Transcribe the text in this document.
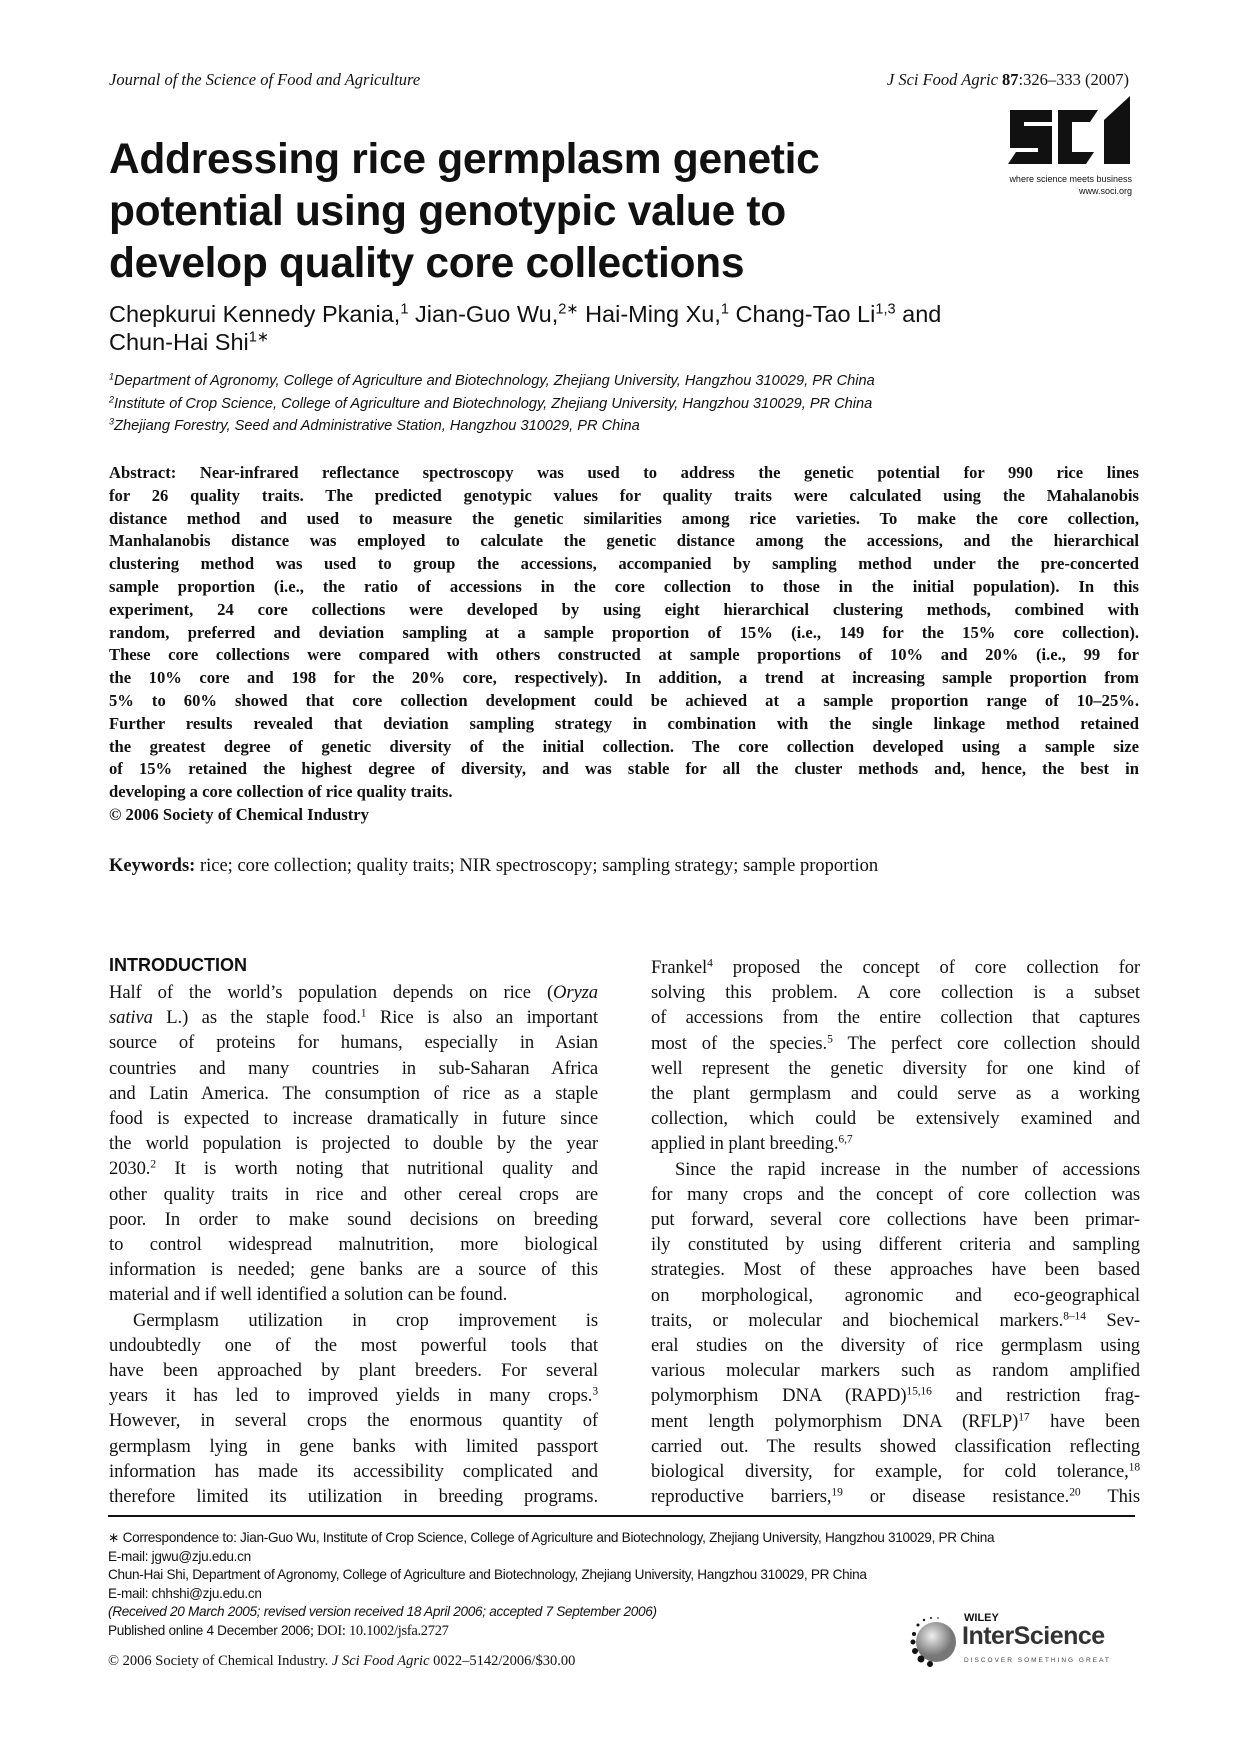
Journal of the Science of Food and Agriculture	J Sci Food Agric 87:326–333 (2007)
where science meets business
www.soci.org
Addressing rice germplasm genetic
potential using genotypic value to
develop quality core collections
Chepkurui Kennedy Pkania,$^1$ Jian-Guo Wu,$^{2∗}$ Hai-Ming Xu,$^1$ Chang-Tao Li$^{1,3}$ and
Chun-Hai Shi$^{1∗}$
$^1$Department of Agronomy, College of Agriculture and Biotechnology, Zhejiang University, Hangzhou 310029, PR China
$^2$Institute of Crop Science, College of Agriculture and Biotechnology, Zhejiang University, Hangzhou 310029, PR China
$^3$Zhejiang Forestry, Seed and Administrative Station, Hangzhou 310029, PR China
Abstract: Near-infrared reflectance spectroscopy was used to address the genetic potential for 990 rice lines
for 26 quality traits. The predicted genotypic values for quality traits were calculated using the Mahalanobis
distance method and used to measure the genetic similarities among rice varieties. To make the core collection,
Manhalanobis distance was employed to calculate the genetic distance among the accessions, and the hierarchical
clustering method was used to group the accessions, accompanied by sampling method under the pre-concerted
sample proportion (i.e., the ratio of accessions in the core collection to those in the initial population). In this
experiment, 24 core collections were developed by using eight hierarchical clustering methods, combined with
random, preferred and deviation sampling at a sample proportion of 15% (i.e., 149 for the 15% core collection).
These core collections were compared with others constructed at sample proportions of 10% and 20% (i.e., 99 for
the 10% core and 198 for the 20% core, respectively). In addition, a trend at increasing sample proportion from
5% to 60% showed that core collection development could be achieved at a sample proportion range of 10–25%.
Further results revealed that deviation sampling strategy in combination with the single linkage method retained
the greatest degree of genetic diversity of the initial collection. The core collection developed using a sample size
of 15% retained the highest degree of diversity, and was stable for all the cluster methods and, hence, the best in
developing a core collection of rice quality traits.
© 2006 Society of Chemical Industry
Keywords: rice; core collection; quality traits; NIR spectroscopy; sampling strategy; sample proportion
INTRODUCTION
Half of the world’s population depends on rice (Oryza
sativa L.) as the staple food.$^1$ Rice is also an important
source of proteins for humans, especially in Asian
countries and many countries in sub-Saharan Africa
and Latin America. The consumption of rice as a staple
food is expected to increase dramatically in future since
the world population is projected to double by the year
2030.$^2$ It is worth noting that nutritional quality and
other quality traits in rice and other cereal crops are
poor. In order to make sound decisions on breeding
to control widespread malnutrition, more biological
information is needed; gene banks are a source of this
material and if well identified a solution can be found.
Germplasm utilization in crop improvement is
undoubtedly one of the most powerful tools that
have been approached by plant breeders. For several
years it has led to improved yields in many crops.$^3$
However, in several crops the enormous quantity of
germplasm lying in gene banks with limited passport
information has made its accessibility complicated and
therefore limited its utilization in breeding programs.
Frankel$^4$ proposed the concept of core collection for
solving this problem. A core collection is a subset
of accessions from the entire collection that captures
most of the species.$^5$ The perfect core collection should
well represent the genetic diversity for one kind of
the plant germplasm and could serve as a working
collection, which could be extensively examined and
applied in plant breeding.$^{6,7}$
Since the rapid increase in the number of accessions
for many crops and the concept of core collection was
put forward, several core collections have been primar-
ily constituted by using different criteria and sampling
strategies. Most of these approaches have been based
on morphological, agronomic and eco-geographical
traits, or molecular and biochemical markers.$^{8-14}$ Sev-
eral studies on the diversity of rice germplasm using
various molecular markers such as random amplified
polymorphism DNA (RAPD)$^{15,16}$ and restriction frag-
ment length polymorphism DNA (RFLP)$^{17}$ have been
carried out. The results showed classification reflecting
biological diversity, for example, for cold tolerance,$^{18}$
reproductive barriers,$^{19}$ or disease resistance.$^{20}$ This
∗ Correspondence to: Jian-Guo Wu, Institute of Crop Science, College of Agriculture and Biotechnology, Zhejiang University, Hangzhou 310029, PR China
E-mail: jgwu@zju.edu.cn
Chun-Hai Shi, Department of Agronomy, College of Agriculture and Biotechnology, Zhejiang University, Hangzhou 310029, PR China
E-mail: chhshi@zju.edu.cn
(Received 20 March 2005; revised version received 18 April 2006; accepted 7 September 2006)
Published online 4 December 2006; DOI: 10.1002/jsfa.2727
© 2006 Society of Chemical Industry. J Sci Food Agric 0022–5142/2006/$30.00
WILEY
InterScience
DISCOVER SOMETHING GREAT
